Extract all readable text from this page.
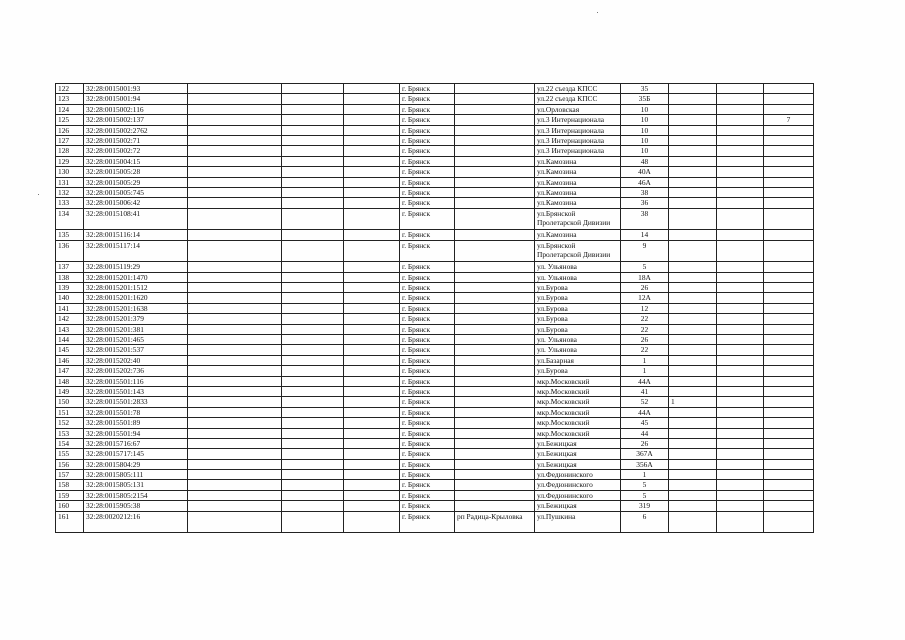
122	32:28:0015001:93				г. Брянск		ул.22 съезда КПСС	35			
123	32:28:0015001:94				г. Брянск		ул.22 съезда КПСС	35Б			
124	32:28:0015002:116				г. Брянск		ул.Орловская	10			
125	32:28:0015002:137				г. Брянск		ул.3 Интернационала	10			7
126	32:28:0015002:2762				г. Брянск		ул.3 Интернационала	10			
127	32:28:0015002:71				г. Брянск		ул.3 Интернационала	10			
128	32:28:0015002:72				г. Брянск		ул.3 Интернационала	10			
129	32:28:0015004:15				г. Брянск		ул.Камозина	48			
130	32:28:0015005:28				г. Брянск		ул.Камозина	40А			
131	32:28:0015005:29				г. Брянск		ул.Камозина	46А			
132	32:28:0015005:745				г. Брянск		ул.Камозина	38			
133	32:28:0015006:42				г. Брянск		ул.Камозина	36			
134	32:28:0015108:41				г. Брянск		ул.Брянской Пролетарской Дивизии	38			
135	32:28:0015116:14				г. Брянск		ул.Камозина	14			
136	32:28:0015117:14				г. Брянск		ул.Брянской Пролетарской Дивизии	9			
137	32:28:0015119:29				г. Брянск		ул. Ульянова	5			
138	32:28:0015201:1470				г. Брянск		ул. Ульянова	18А			
139	32:28:0015201:1512				г. Брянск		ул.Бурова	26			
140	32:28:0015201:1620				г. Брянск		ул.Бурова	12А			
141	32:28:0015201:1638				г. Брянск		ул.Бурова	12			
142	32:28:0015201:379				г. Брянск		ул.Бурова	22			
143	32:28:0015201:381				г. Брянск		ул.Бурова	22			
144	32:28:0015201:465				г. Брянск		ул. Ульянова	26			
145	32:28:0015201:537				г. Брянск		ул. Ульянова	22			
146	32:28:0015202:40				г. Брянск		ул.Базарная	1			
147	32:28:0015202:736				г. Брянск		ул.Бурова	1			
148	32:28:0015501:116				г. Брянск		мкр.Московский	44А			
149	32:28:0015501:143				г. Брянск		мкр.Московский	41			
150	32:28:0015501:2833				г. Брянск		мкр.Московский	52	1		
151	32:28:0015501:78				г. Брянск		мкр.Московский	44А			
152	32:28:0015501:89				г. Брянск		мкр.Московский	45			
153	32:28:0015501:94				г. Брянск		мкр.Московский	44			
154	32:28:0015716:67				г. Брянск		ул.Бежицкая	26			
155	32:28:0015717:145				г. Брянск		ул.Бежицкая	367А			
156	32:28:0015804:29				г. Брянск		ул.Бежицкая	356А			
157	32:28:0015805:111				г. Брянск		ул.Федюнинского	1			
158	32:28:0015805:131				г. Брянск		ул.Федюнинского	5			
159	32:28:0015805:2154				г. Брянск		ул.Федюнинского	5			
160	32:28:0015905:38				г. Брянск		ул.Бежицкая	319			
161	32:28:0020212:16				г. Брянск	рп Радица-Крыловка	ул.Пушкина	6			
